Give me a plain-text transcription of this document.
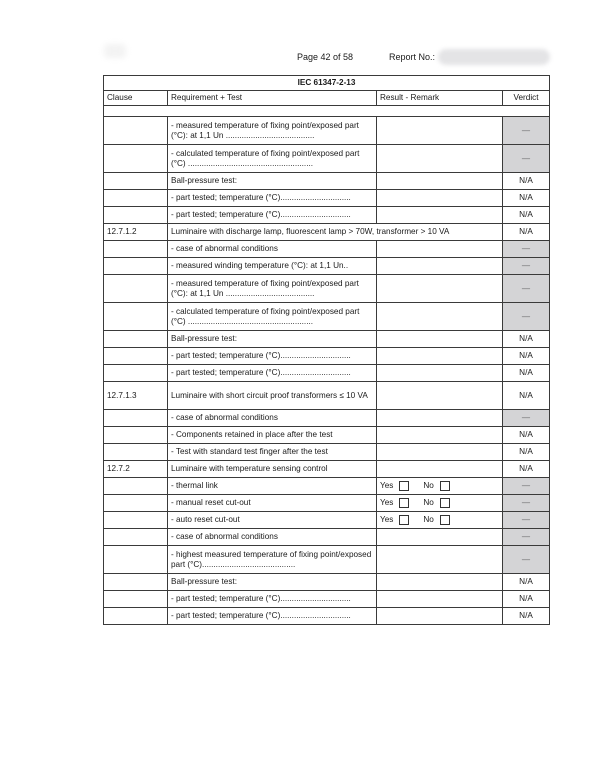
Page 42 of 58	Report No.:
IEC 61347-2-13			
Clause	Requirement + Test	Result - Remark	Verdict

	- measured temperature of fixing point/exposed part (°C): at 1,1 Un .......................................		—
	- calculated temperature of fixing point/exposed part (°C) .......................................................		—
	Ball-pressure test:		N/A
	- part tested; temperature (°C)...............................		N/A
	- part tested; temperature (°C)...............................		N/A
12.7.1.2	Luminaire with discharge lamp, fluorescent lamp > 70W, transformer > 10 VA		N/A
	- case of abnormal conditions		—
	- measured winding temperature (°C): at 1,1 Un..		—
	- measured temperature of fixing point/exposed part (°C): at 1,1 Un .......................................		—
	- calculated temperature of fixing point/exposed part (°C) .......................................................		—
	Ball-pressure test:		N/A
	- part tested; temperature (°C)...............................		N/A
	- part tested; temperature (°C)...............................		N/A
12.7.1.3	Luminaire with short circuit proof transformers ≤ 10 VA		N/A
	- case of abnormal conditions		—
	- Components retained in place after the test		N/A
	- Test with standard test finger after the test		N/A
12.7.2	Luminaire with temperature sensing control		N/A
	- thermal link	Yes No	—
	- manual reset cut-out	Yes No	—
	- auto reset cut-out	Yes No	—
	- case of abnormal conditions		—
	- highest measured temperature of fixing point/exposed part (°C).........................................		—
	Ball-pressure test:		N/A
	- part tested; temperature (°C)...............................		N/A
	- part tested; temperature (°C)...............................		N/A
